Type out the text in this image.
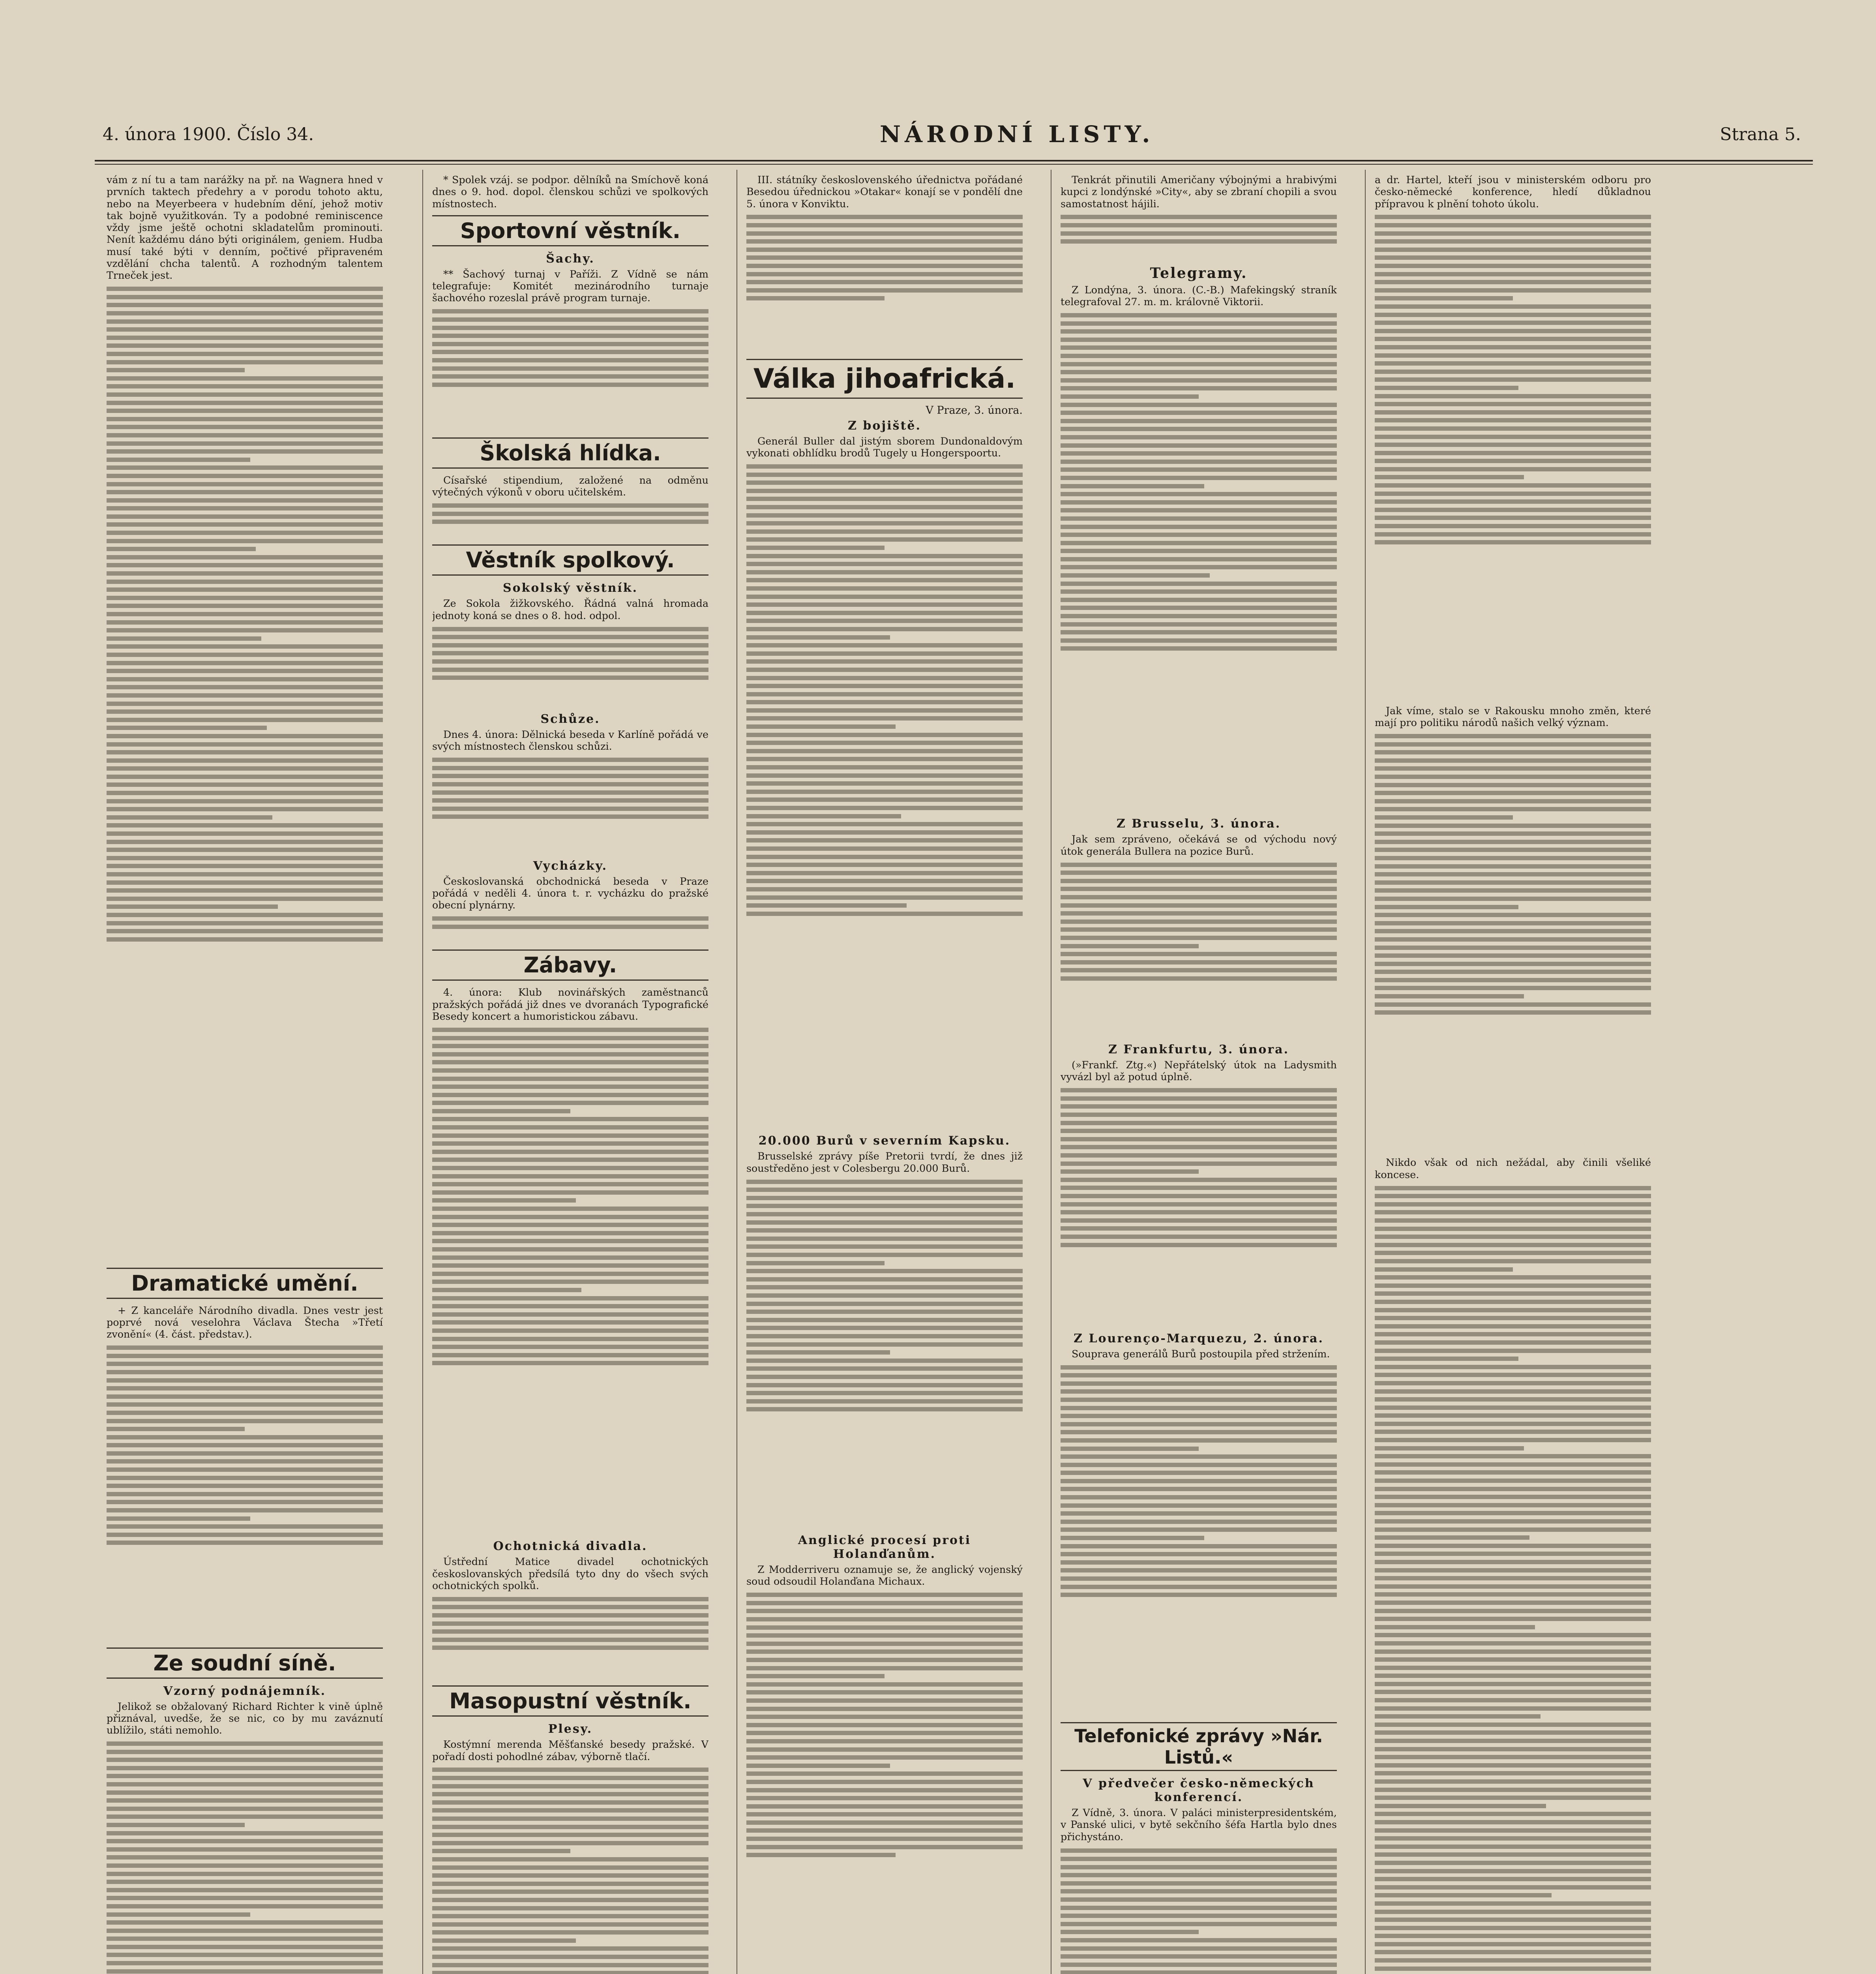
4. února 1900. Číslo 34.	NÁRODNÍ LISTY.	Strana 5.

vám z ní tu a tam narážky na př. na Wagnera hned v prvních taktech předehry a v porodu tohoto aktu, nebo na Meyerbeera v hudebním dění, jehož motiv tak bojně využitkován. Ty a podobné reminiscence vždy jsme ještě ochotni skladatelům prominouti. Nenít každému dáno býti originálem, geniem. Hudba musí také býti v denním, počtivé připraveném vzdělání chcha talentů. A rozhodným talentem Trneček jest.

Dramatické umění.

+ Z kanceláře Národního divadla. Dnes vestr jest poprvé nová veselohra Václava Štecha »Třetí zvonění« (4. část. představ.).

Ze soudní síně.
Vzorný podnájemník.

Jelikož se obžalovaný Richard Richter k vině úplně přiznával, uvedše, že se nic, co by mu zaváznutí ublížilo, státi nemohlo.

* Spolek vzáj. se podpor. dělníků na Smíchově koná dnes o 9. hod. dopol. členskou schůzi ve spolkových místnostech.

Sportovní věstník.
Šachy.

** Šachový turnaj v Paříži. Z Vídně se nám telegrafuje: Komitét mezinárodního turnaje šachového rozeslal právě program turnaje.

Školská hlídka.

Císařské stipendium, založené na odměnu výtečných výkonů v oboru učitelském.

Věstník spolkový.
Sokolský věstník.

Ze Sokola žižkovského. Řádná valná hromada jednoty koná se dnes o 8. hod. odpol.

Schůze.

Dnes 4. února: Dělnická beseda v Karlíně pořádá ve svých místnostech členskou schůzi.

Vycházky.

Českoslovanská obchodnická beseda v Praze pořádá v neděli 4. února t. r. vycházku do pražské obecní plynárny.

Zábavy.

4. února: Klub novinářských zaměstnanců pražských pořádá již dnes ve dvoranách Typografické Besedy koncert a humoristickou zábavu.

Ochotnická divadla.

Ústřední Matice divadel ochotnických českoslovanských předsílá tyto dny do všech svých ochotnických spolků.

Masopustní věstník.
Plesy.

Kostýmní merenda Měšťanské besedy pražské. V pořadí dosti pohodlné zábav, výborně tlačí.

III. státníky československého úřednictva pořádané Besedou úřednickou »Otakar« konají se v pondělí dne 5. února v Konviktu.

Válka jihoafrická.
V Praze, 3. února.
Z bojiště.

Generál Buller dal jistým sborem Dundonaldovým vykonati obhlídku brodů Tugely u Hongerspoortu.

20.000 Burů v severním Kapsku.

Brusselské zprávy píše Pretorii tvrdí, že dnes již soustředěno jest v Colesbergu 20.000 Burů.

Anglické procesí proti Holanďanům.

Z Modderriveru oznamuje se, že anglický vojenský soud odsoudil Holanďana Michaux.

Tenkrát přinutili Američany výbojnými a hrabivými kupci z londýnské »City«, aby se zbraní chopili a svou samostatnost hájili.

Telegramy.

Z Londýna, 3. února. (C.-B.) Mafekingský straník telegrafoval 27. m. m. královně Viktorii.

Z Brusselu, 3. února.

Jak sem zpráveno, očekává se od východu nový útok generála Bullera na pozice Burů.

Z Frankfurtu, 3. února.

(»Frankf. Ztg.«) Nepřátelský útok na Ladysmith vyvázl byl až potud úplně.

Z Lourenço-Marquezu, 2. února.

Souprava generálů Burů postoupila před stržením.

Telefonické zprávy »Nár. Listů.«
V předvečer česko-německých konferencí.

Z Vídně, 3. února. V paláci ministerpresidentském, v Panské ulici, v bytě sekčního šéfa Hartla bylo dnes přichystáno.

a dr. Hartel, kteří jsou v ministerském odboru pro česko-německé konference, hledí důkladnou přípravou k plnění tohoto úkolu.

Jak víme, stalo se v Rakousku mnoho změn, které mají pro politiku národů našich velký význam.

Nikdo však od nich nežádal, aby činili všeliké koncese.
